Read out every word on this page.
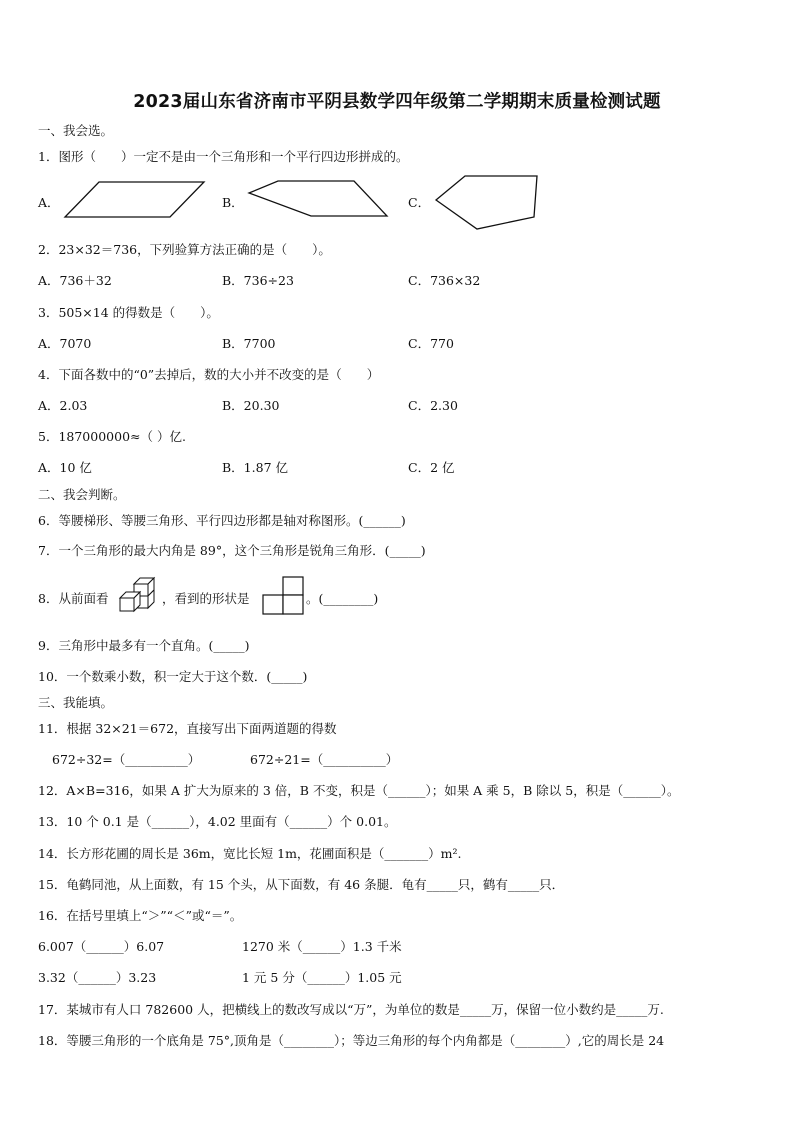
2023届山东省济南市平阴县数学四年级第二学期期末质量检测试题
一、我会选。
1．图形（　　）一定不是由一个三角形和一个平行四边形拼成的。
A．	B．	C．
2．23×32＝736，下列验算方法正确的是（　　）。
A．736＋32	B．736÷23	C．736×32
3．505×14 的得数是（　　）。
A．7070	B．7700	C．770
4．下面各数中的“0”去掉后，数的大小并不改变的是（　　）
A．2.03	B．20.30	C．2.30
5．187000000≈（ ）亿.
A．10 亿	B．1.87 亿	C．2 亿
二、我会判断。
6．等腰梯形、等腰三角形、平行四边形都是轴对称图形。(______)
7．一个三角形的最大内角是 89°，这个三角形是锐角三角形．(_____)
8．从前面看	，看到的形状是	。(________)
9．三角形中最多有一个直角。(_____)
10．一个数乘小数，积一定大于这个数．(_____)
三、我能填。
11．根据 32×21＝672，直接写出下面两道题的得数
672÷32=（__________）	672÷21=（__________）
12．A×B=316，如果 A 扩大为原来的 3 倍，B 不变，积是（______）；如果 A 乘 5，B 除以 5，积是（______）。
13．10 个 0.1 是（______），4.02 里面有（______）个 0.01。
14．长方形花圃的周长是 36m，宽比长短 1m，花圃面积是（_______）m².
15．龟鹤同池，从上面数，有 15 个头，从下面数，有 46 条腿．龟有_____只，鹤有_____只．
16．在括号里填上“＞”“＜”或“＝”。
6.007（______）6.07	1270 米（______）1.3 千米
3.32（______）3.23	1 元 5 分（______）1.05 元
17．某城市有人口 782600 人，把横线上的数改写成以“万”，为单位的数是_____万，保留一位小数约是_____万.
18．等腰三角形的一个底角是 75°,顶角是（________）；等边三角形的每个内角都是（________）,它的周长是 24
